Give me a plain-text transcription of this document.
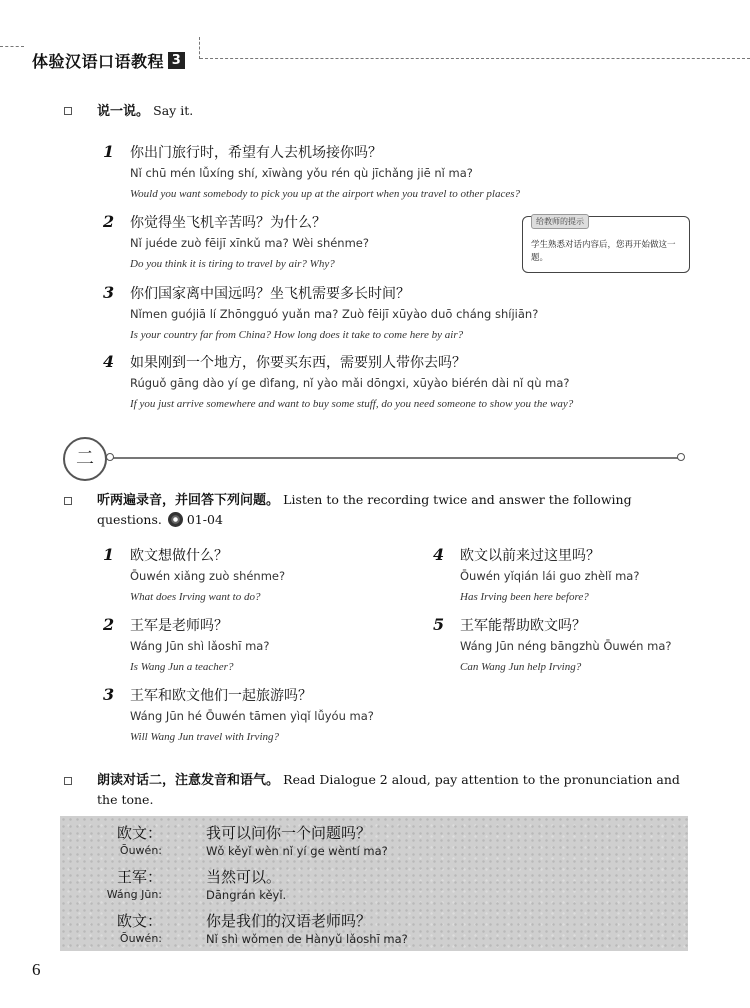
体验汉语口语教程 3
说一说。 Say it.
1 你出门旅行时，希望有人去机场接你吗？
Nǐ chū mén lǚxíng shí, xīwàng yǒu rén qù jīchǎng jiē nǐ ma?
Would you want somebody to pick you up at the airport when you travel to other places?
2 你觉得坐飞机辛苦吗？为什么？
Nǐ juéde zuò fēijī xīnkǔ ma? Wèi shénme?
Do you think it is tiring to travel by air? Why?
3 你们国家离中国远吗？坐飞机需要多长时间？
Nǐmen guójiā lí Zhōngguó yuǎn ma? Zuò fēijī xūyào duō cháng shíjiān?
Is your country far from China? How long does it take to come here by air?
4 如果刚到一个地方，你要买东西，需要别人带你去吗？
Rúguǒ gāng dào yí ge dìfang, nǐ yào mǎi dōngxi, xūyào biérén dài nǐ qù ma?
If you just arrive somewhere and want to buy some stuff, do you need someone to show you the way?
给教师的提示
学生熟悉对话内容后，您再开始做这一题。
二
听两遍录音，并回答下列问题。 Listen to the recording twice and answer the following questions. 01-04
1 欧文想做什么？
Ōuwén xiǎng zuò shénme?
What does Irving want to do?
2 王军是老师吗？
Wáng Jūn shì lǎoshī ma?
Is Wang Jun a teacher?
3 王军和欧文他们一起旅游吗？
Wáng Jūn hé Ōuwén tāmen yìqǐ lǚyóu ma?
Will Wang Jun travel with Irving?
4 欧文以前来过这里吗？
Ōuwén yǐqián lái guo zhèlǐ ma?
Has Irving been here before?
5 王军能帮助欧文吗？
Wáng Jūn néng bāngzhù Ōuwén ma?
Can Wang Jun help Irving?
朗读对话二，注意发音和语气。 Read Dialogue 2 aloud, pay attention to the pronunciation and the tone.
欧文：	我可以问你一个问题吗？
Ōuwén:	Wǒ kěyǐ wèn nǐ yí ge wèntí ma?
王军：	当然可以。
Wáng Jūn:	Dāngrán kěyǐ.
欧文：	你是我们的汉语老师吗？
Ōuwén:	Nǐ shì wǒmen de Hànyǔ lǎoshī ma?
6
